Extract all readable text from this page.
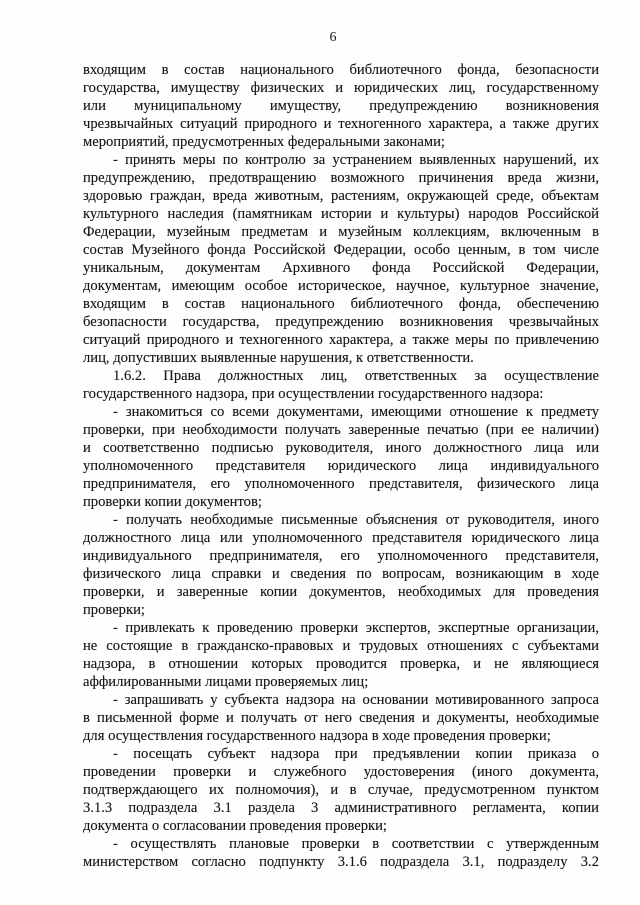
6
входящим в состав национального библиотечного фонда, безопасности
государства, имуществу физических и юридических лиц, государственному
или муниципальному имуществу, предупреждению возникновения
чрезвычайных ситуаций природного и техногенного характера, а также других
мероприятий, предусмотренных федеральными законами;
- принять меры по контролю за устранением выявленных нарушений, их
предупреждению, предотвращению возможного причинения вреда жизни,
здоровью граждан, вреда животным, растениям, окружающей среде, объектам
культурного наследия (памятникам истории и культуры) народов Российской
Федерации, музейным предметам и музейным коллекциям, включенным в
состав Музейного фонда Российской Федерации, особо ценным, в том числе
уникальным, документам Архивного фонда Российской Федерации,
документам, имеющим особое историческое, научное, культурное значение,
входящим в состав национального библиотечного фонда, обеспечению
безопасности государства, предупреждению возникновения чрезвычайных
ситуаций природного и техногенного характера, а также меры по привлечению
лиц, допустивших выявленные нарушения, к ответственности.
1.6.2. Права должностных лиц, ответственных за осуществление
государственного надзора, при осуществлении государственного надзора:
- знакомиться со всеми документами, имеющими отношение к предмету
проверки, при необходимости получать заверенные печатью (при ее наличии)
и соответственно подписью руководителя, иного должностного лица или
уполномоченного представителя юридического лица индивидуального
предпринимателя, его уполномоченного представителя, физического лица
проверки копии документов;
- получать необходимые письменные объяснения от руководителя, иного
должностного лица или уполномоченного представителя юридического лица
индивидуального предпринимателя, его уполномоченного представителя,
физического лица справки и сведения по вопросам, возникающим в ходе
проверки, и заверенные копии документов, необходимых для проведения
проверки;
- привлекать к проведению проверки экспертов, экспертные организации,
не состоящие в гражданско-правовых и трудовых отношениях с субъектами
надзора, в отношении которых проводится проверка, и не являющиеся
аффилированными лицами проверяемых лиц;
- запрашивать у субъекта надзора на основании мотивированного запроса
в письменной форме и получать от него сведения и документы, необходимые
для осуществления государственного надзора в ходе проведения проверки;
- посещать субъект надзора при предъявлении копии приказа о
проведении проверки и служебного удостоверения (иного документа,
подтверждающего их полномочия), и в случае, предусмотренном пунктом
3.1.3 подраздела 3.1 раздела 3 административного регламента, копии
документа о согласовании проведения проверки;
- осуществлять плановые проверки в соответствии с утвержденным
министерством согласно подпункту 3.1.6 подраздела 3.1, подразделу 3.2
